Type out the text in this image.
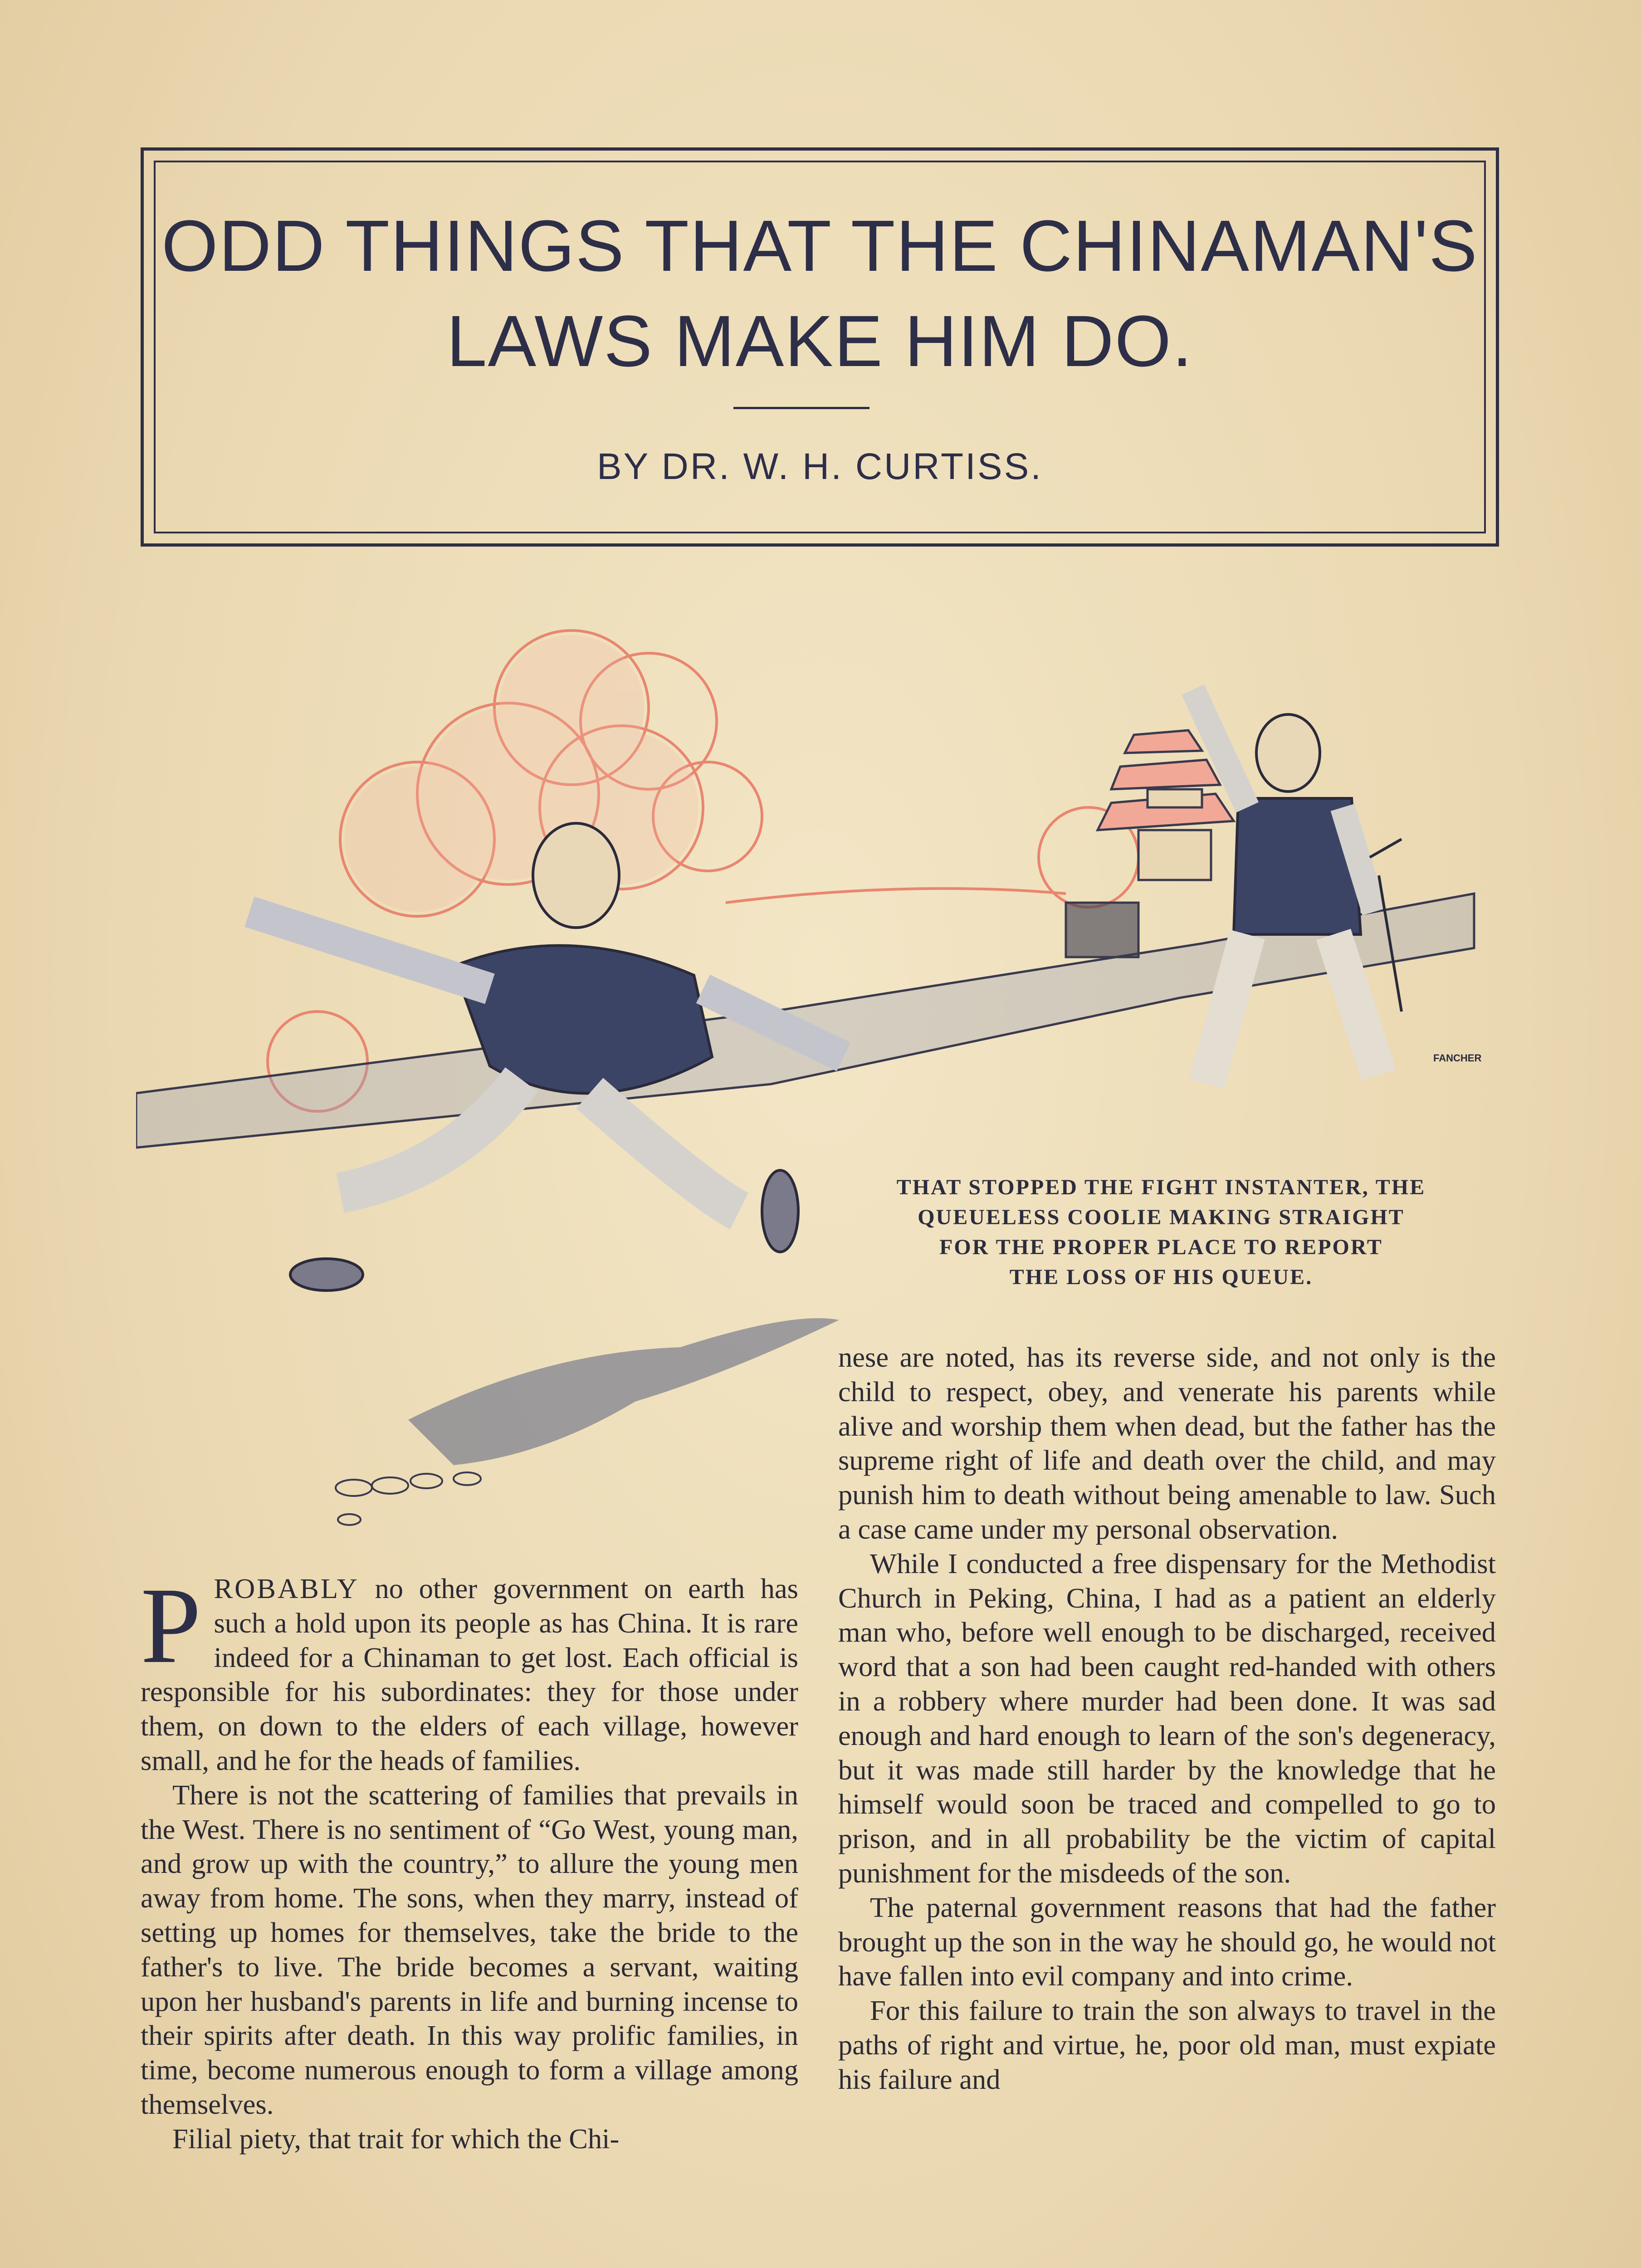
ODD THINGS THAT THE CHINAMAN'S
LAWS MAKE HIM DO.
BY DR. W. H. CURTISS.
FANCHER
THAT STOPPED THE FIGHT INSTANTER, THE
QUEUELESS COOLIE MAKING STRAIGHT
FOR THE PROPER PLACE TO REPORT
THE LOSS OF HIS QUEUE.

PROBABLY no other government on earth has such a hold upon its people as has China. It is rare indeed for a Chinaman to get lost. Each official is responsible for his subordinates: they for those under them, on down to the elders of each village, however small, and he for the heads of families.

There is not the scattering of families that prevails in the West. There is no sentiment of “Go West, young man, and grow up with the country,” to allure the young men away from home. The sons, when they marry, instead of setting up homes for themselves, take the bride to the father's to live. The bride becomes a servant, waiting upon her husband's parents in life and burning incense to their spirits after death. In this way prolific families, in time, become numerous enough to form a village among themselves.

Filial piety, that trait for which the Chi-

nese are noted, has its reverse side, and not only is the child to respect, obey, and venerate his parents while alive and worship them when dead, but the father has the supreme right of life and death over the child, and may punish him to death without being amenable to law. Such a case came under my personal observation.

While I conducted a free dispensary for the Methodist Church in Peking, China, I had as a patient an elderly man who, before well enough to be discharged, received word that a son had been caught red-handed with others in a robbery where murder had been done. It was sad enough and hard enough to learn of the son's degeneracy, but it was made still harder by the knowledge that he himself would soon be traced and compelled to go to prison, and in all probability be the victim of capital punishment for the misdeeds of the son.

The paternal government reasons that had the father brought up the son in the way he should go, he would not have fallen into evil company and into crime.

For this failure to train the son always to travel in the paths of right and virtue, he, poor old man, must expiate his failure and
